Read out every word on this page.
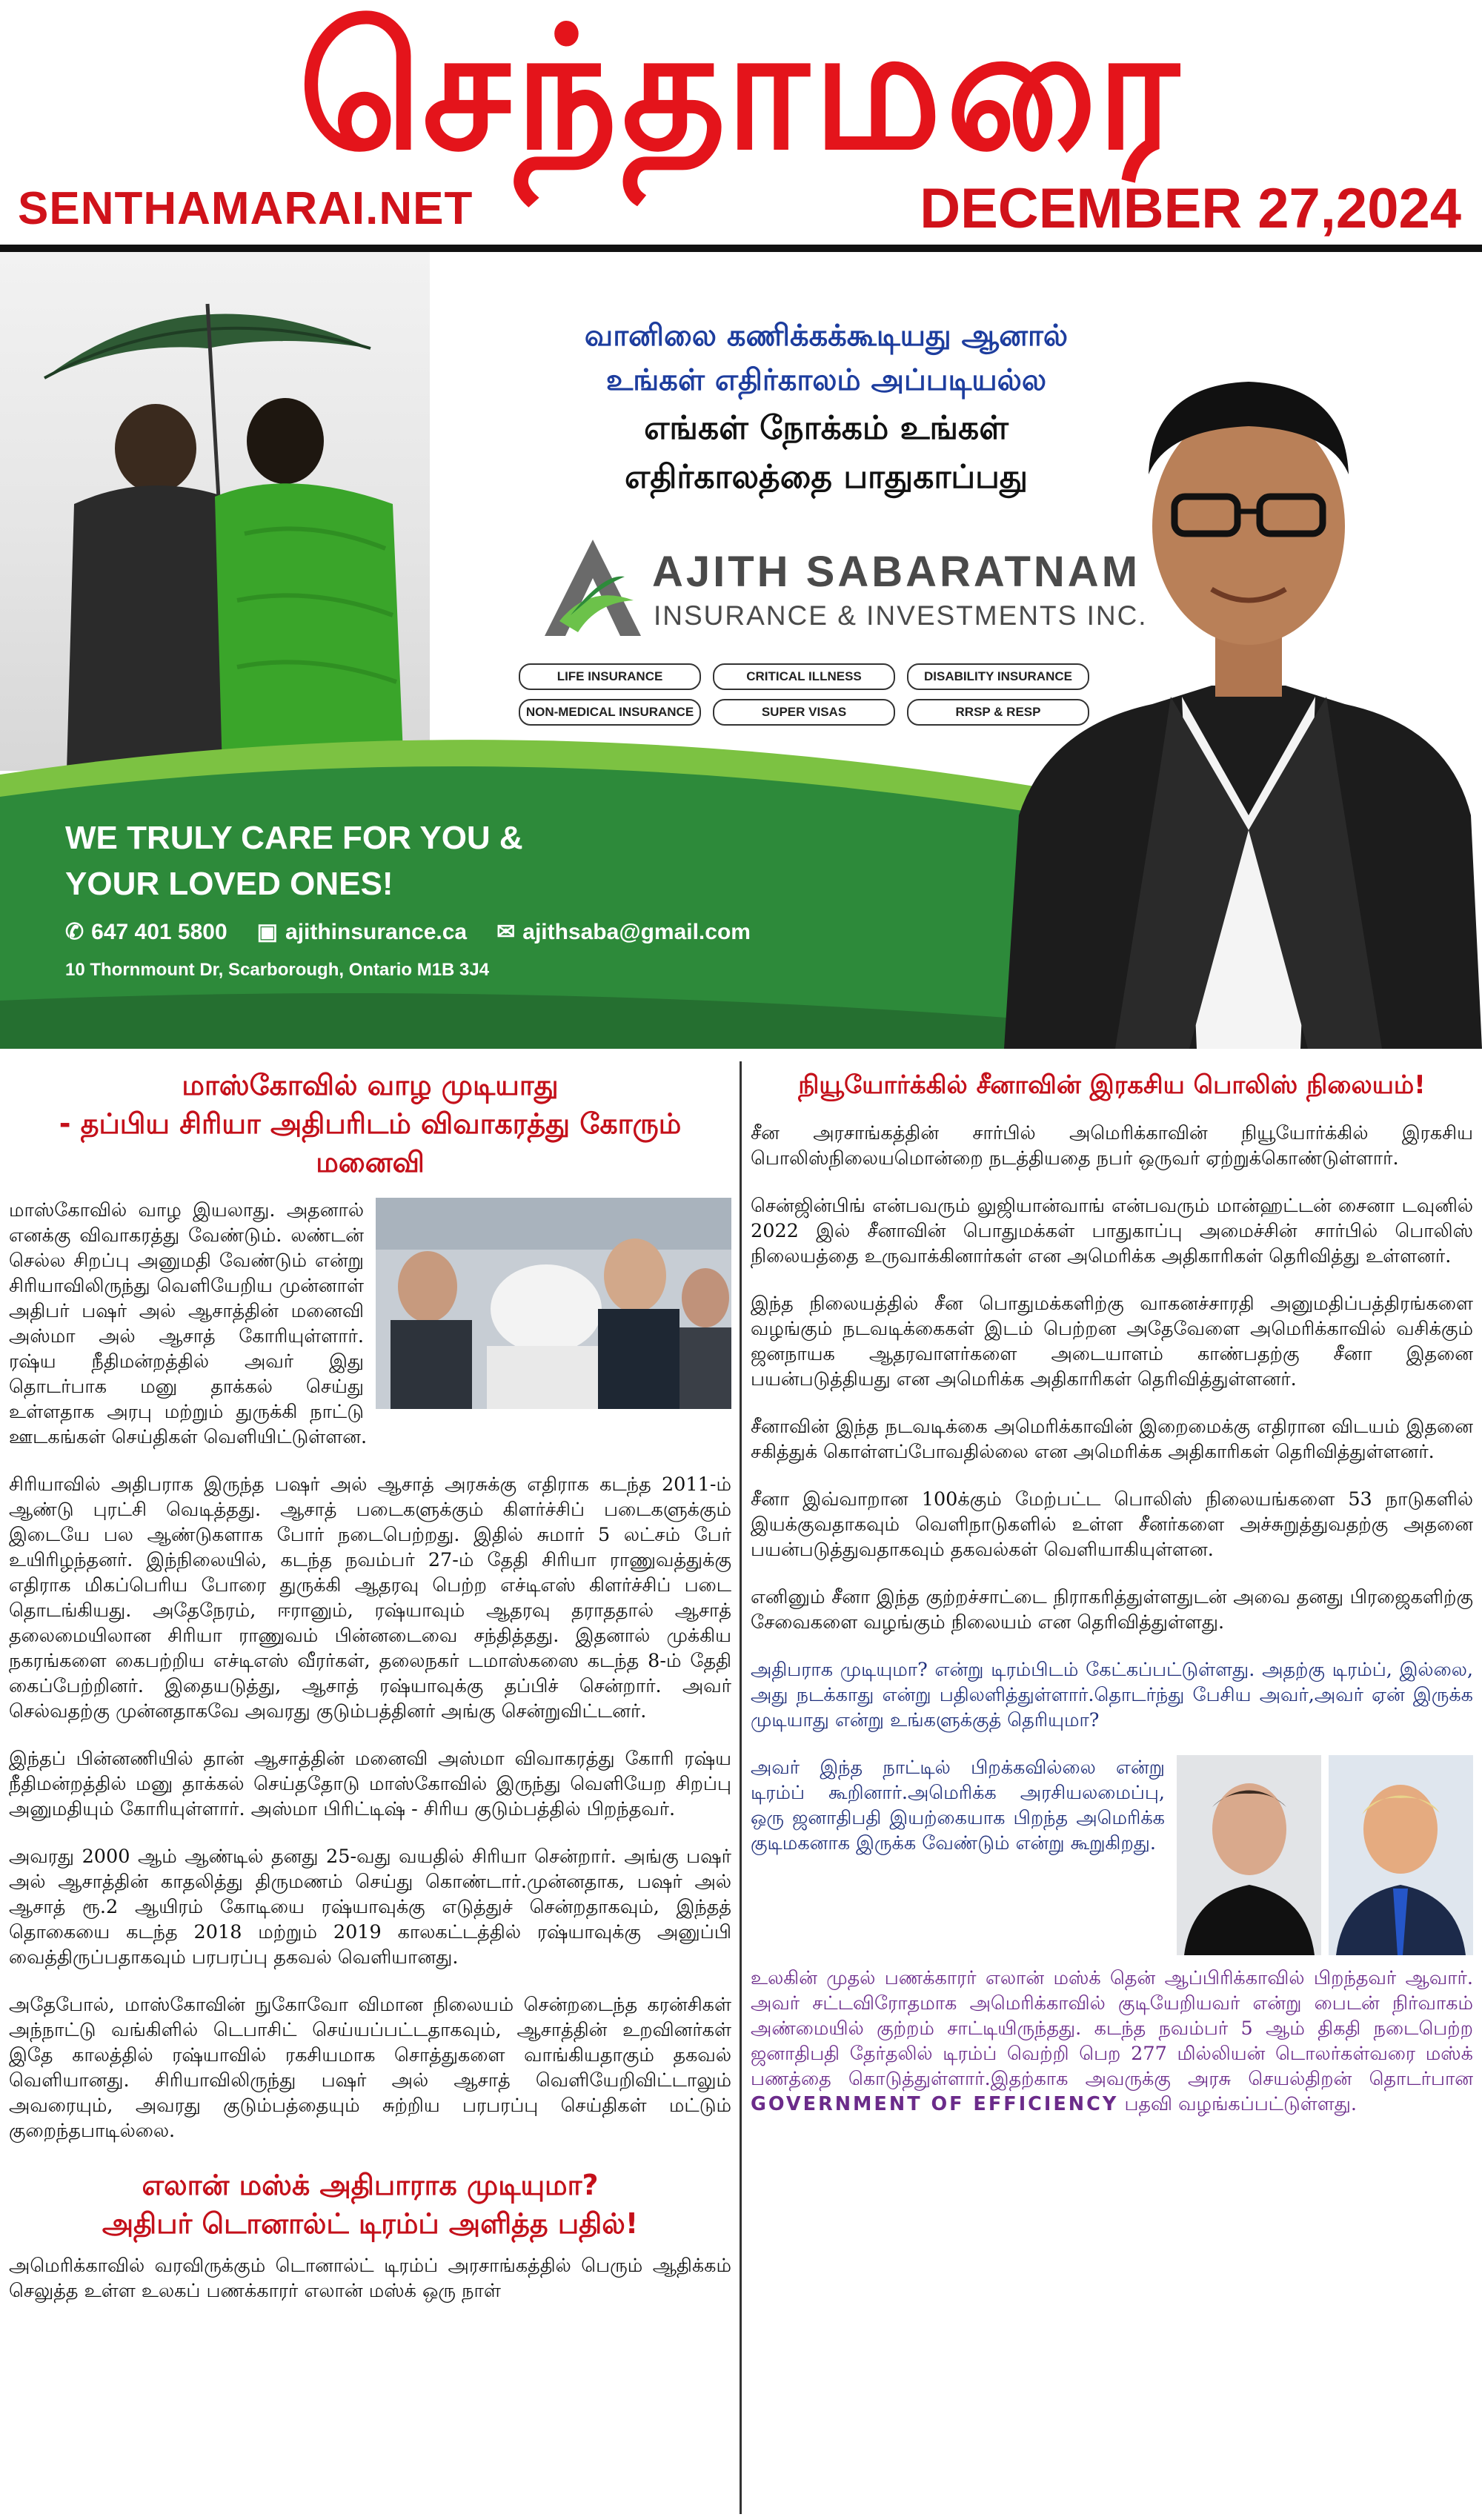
செந்தாமரை
SENTHAMARAI.NET	DECEMBER 27,2024
வானிலை கணிக்கக்கூடியது ஆனால்
உங்கள் எதிர்காலம் அப்படியல்ல
எங்கள் நோக்கம் உங்கள்
எதிர்காலத்தை பாதுகாப்பது
AJITH SABARATNAM
INSURANCE & INVESTMENTS INC.
LIFE INSURANCE	CRITICAL ILLNESS	DISABILITY INSURANCE
NON-MEDICAL INSURANCE	SUPER VISAS	RRSP & RESP
WE TRULY CARE FOR YOU &
YOUR LOVED ONES!
✆ 647 401 5800 ▣ ajithinsurance.ca ✉ ajithsaba@gmail.com
10 Thornmount Dr, Scarborough, Ontario M1B 3J4
மாஸ்கோவில் வாழ முடியாது
- தப்பிய சிரியா அதிபரிடம் விவாகரத்து கோரும் மனைவி
மாஸ்கோவில் வாழ இயலாது. அதனால் எனக்கு விவாகரத்து வேண்டும். லண்டன் செல்ல சிறப்பு அனுமதி வேண்டும் என்று சிரியாவிலிருந்து வெளியேறிய முன்னாள் அதிபர் பஷர் அல் ஆசாத்தின் மனைவி அஸ்மா அல் ஆசாத் கோரியுள்ளார். ரஷ்ய நீதிமன்றத்தில் அவர் இது தொடர்பாக மனு தாக்கல் செய்து உள்ளதாக அரபு மற்றும் துருக்கி நாட்டு ஊடகங்கள் செய்திகள் வெளியிட்டுள்ளன.
சிரியாவில் அதிபராக இருந்த பஷர் அல் ஆசாத் அரசுக்கு எதிராக கடந்த 2011-ம் ஆண்டு புரட்சி வெடித்தது. ஆசாத் படைகளுக்கும் கிளர்ச்சிப் படைகளுக்கும் இடையே பல ஆண்டுகளாக போர் நடைபெற்றது. இதில் சுமார் 5 லட்சம் பேர் உயிரிழந்தனர். இந்நிலையில், கடந்த நவம்பர் 27-ம் தேதி சிரியா ராணுவத்துக்கு எதிராக மிகப்பெரிய போரை துருக்கி ஆதரவு பெற்ற எச்டிஎஸ் கிளர்ச்சிப் படை தொடங்கியது. அதேநேரம், ஈரானும், ரஷ்யாவும் ஆதரவு தராததால் ஆசாத் தலைமையிலான சிரியா ராணுவம் பின்னடைவை சந்தித்தது. இதனால் முக்கிய நகரங்களை கைபற்றிய எச்டிஎஸ் வீரர்கள், தலைநகர் டமாஸ்கஸை கடந்த 8-ம் தேதி கைப்பேற்றினர். இதையடுத்து, ஆசாத் ரஷ்யாவுக்கு தப்பிச் சென்றார். அவர் செல்வதற்கு முன்னதாகவே அவரது குடும்பத்தினர் அங்கு சென்றுவிட்டனர்.
இந்தப் பின்னணியில் தான் ஆசாத்தின் மனைவி அஸ்மா விவாகரத்து கோரி ரஷ்ய நீதிமன்றத்தில் மனு தாக்கல் செய்ததோடு மாஸ்கோவில் இருந்து வெளியேற சிறப்பு அனுமதியும் கோரியுள்ளார். அஸ்மா பிரிட்டிஷ் - சிரிய குடும்பத்தில் பிறந்தவர்.
அவரது 2000 ஆம் ஆண்டில் தனது 25-வது வயதில் சிரியா சென்றார். அங்கு பஷர் அல் ஆசாத்தின் காதலித்து திருமணம் செய்து கொண்டார்.முன்னதாக, பஷர் அல் ஆசாத் ரூ.2 ஆயிரம் கோடியை ரஷ்யாவுக்கு எடுத்துச் சென்றதாகவும், இந்தத் தொகையை கடந்த 2018 மற்றும் 2019 காலகட்டத்தில் ரஷ்யாவுக்கு அனுப்பி வைத்திருப்பதாகவும் பரபரப்பு தகவல் வெளியானது.
அதேபோல், மாஸ்கோவின் நுகோவோ விமான நிலையம் சென்றடைந்த கரன்சிகள் அந்நாட்டு வங்கிளில் டெபாசிட் செய்யப்பட்டதாகவும், ஆசாத்தின் உறவினர்கள் இதே காலத்தில் ரஷ்யாவில் ரகசியமாக சொத்துகளை வாங்கியதாகும் தகவல் வெளியானது. சிரியாவிலிருந்து பஷர் அல் ஆசாத் வெளியேறிவிட்டாலும் அவரையும், அவரது குடும்பத்தையும் சுற்றிய பரபரப்பு செய்திகள் மட்டும் குறைந்தபாடில்லை.
எலான் மஸ்க் அதிபாராக முடியுமா?
அதிபர் டொனால்ட் டிரம்ப் அளித்த பதில்!
அமெரிக்காவில் வரவிருக்கும் டொனால்ட் டிரம்ப் அரசாங்கத்தில் பெரும் ஆதிக்கம் செலுத்த உள்ள உலகப் பணக்காரர் எலான் மஸ்க் ஒரு நாள்
நியூயோர்க்கில் சீனாவின் இரகசிய பொலிஸ் நிலையம்!
சீன அரசாங்கத்தின் சார்பில் அமெரிக்காவின் நியூயோர்க்கில் இரகசிய பொலிஸ்நிலையமொன்றை நடத்தியதை நபர் ஒருவர் ஏற்றுக்கொண்டுள்ளார்.
சென்ஜின்பிங் என்பவரும் லுஜியான்வாங் என்பவரும் மான்ஹட்டன் சைனா டவுனில் 2022 இல் சீனாவின் பொதுமக்கள் பாதுகாப்பு அமைச்சின் சார்பில் பொலிஸ் நிலையத்தை உருவாக்கினார்கள் என அமெரிக்க அதிகாரிகள் தெரிவித்து உள்ளனர்.
இந்த நிலையத்தில் சீன பொதுமக்களிற்கு வாகனச்சாரதி அனுமதிப்பத்திரங்களை வழங்கும் நடவடிக்கைகள் இடம் பெற்றன அதேவேளை அமெரிக்காவில் வசிக்கும் ஜனநாயக ஆதரவாளர்களை அடையாளம் காண்பதற்கு சீனா இதனை பயன்படுத்தியது என அமெரிக்க அதிகாரிகள் தெரிவித்துள்ளனர்.
சீனாவின் இந்த நடவடிக்கை அமெரிக்காவின் இறைமைக்கு எதிரான விடயம் இதனை சகித்துக் கொள்ளப்போவதில்லை என அமெரிக்க அதிகாரிகள் தெரிவித்துள்ளனர்.
சீனா இவ்வாறான 100க்கும் மேற்பட்ட பொலிஸ் நிலையங்களை 53 நாடுகளில் இயக்குவதாகவும் வெளிநாடுகளில் உள்ள சீனர்களை அச்சுறுத்துவதற்கு அதனை பயன்படுத்துவதாகவும் தகவல்கள் வெளியாகியுள்ளன.
எனினும் சீனா இந்த குற்றச்சாட்டை நிராகரித்துள்ளதுடன் அவை தனது பிரஜைகளிற்கு சேவைகளை வழங்கும் நிலையம் என தெரிவித்துள்ளது.
அதிபராக முடியுமா? என்று டிரம்பிடம் கேட்கப்பட்டுள்ளது. அதற்கு டிரம்ப், இல்லை, அது நடக்காது என்று பதிலளித்துள்ளார்.தொடர்ந்து பேசிய அவர்,அவர் ஏன் இருக்க முடியாது என்று உங்களுக்குத் தெரியுமா?
அவர் இந்த நாட்டில் பிறக்கவில்லை என்று டிரம்ப் கூறினார்.அமெரிக்க அரசியலமைப்பு, ஒரு ஜனாதிபதி இயற்கையாக பிறந்த அமெரிக்க குடிமகனாக இருக்க வேண்டும் என்று கூறுகிறது.
உலகின் முதல் பணக்காரர் எலான் மஸ்க் தென் ஆப்பிரிக்காவில் பிறந்தவர் ஆவார். அவர் சட்டவிரோதமாக அமெரிக்காவில் குடியேறியவர் என்று பைடன் நிர்வாகம் அண்மையில் குற்றம் சாட்டியிருந்தது. கடந்த நவம்பர் 5 ஆம் திகதி நடைபெற்ற ஜனாதிபதி தேர்தலில் டிரம்ப் வெற்றி பெற 277 மில்லியன் டொலர்கள்வரை மஸ்க் பணத்தை கொடுத்துள்ளார்.இதற்காக அவருக்கு அரசு செயல்திறன் தொடர்பான GOVERNMENT OF EFFICIENCY பதவி வழங்கப்பட்டுள்ளது.
